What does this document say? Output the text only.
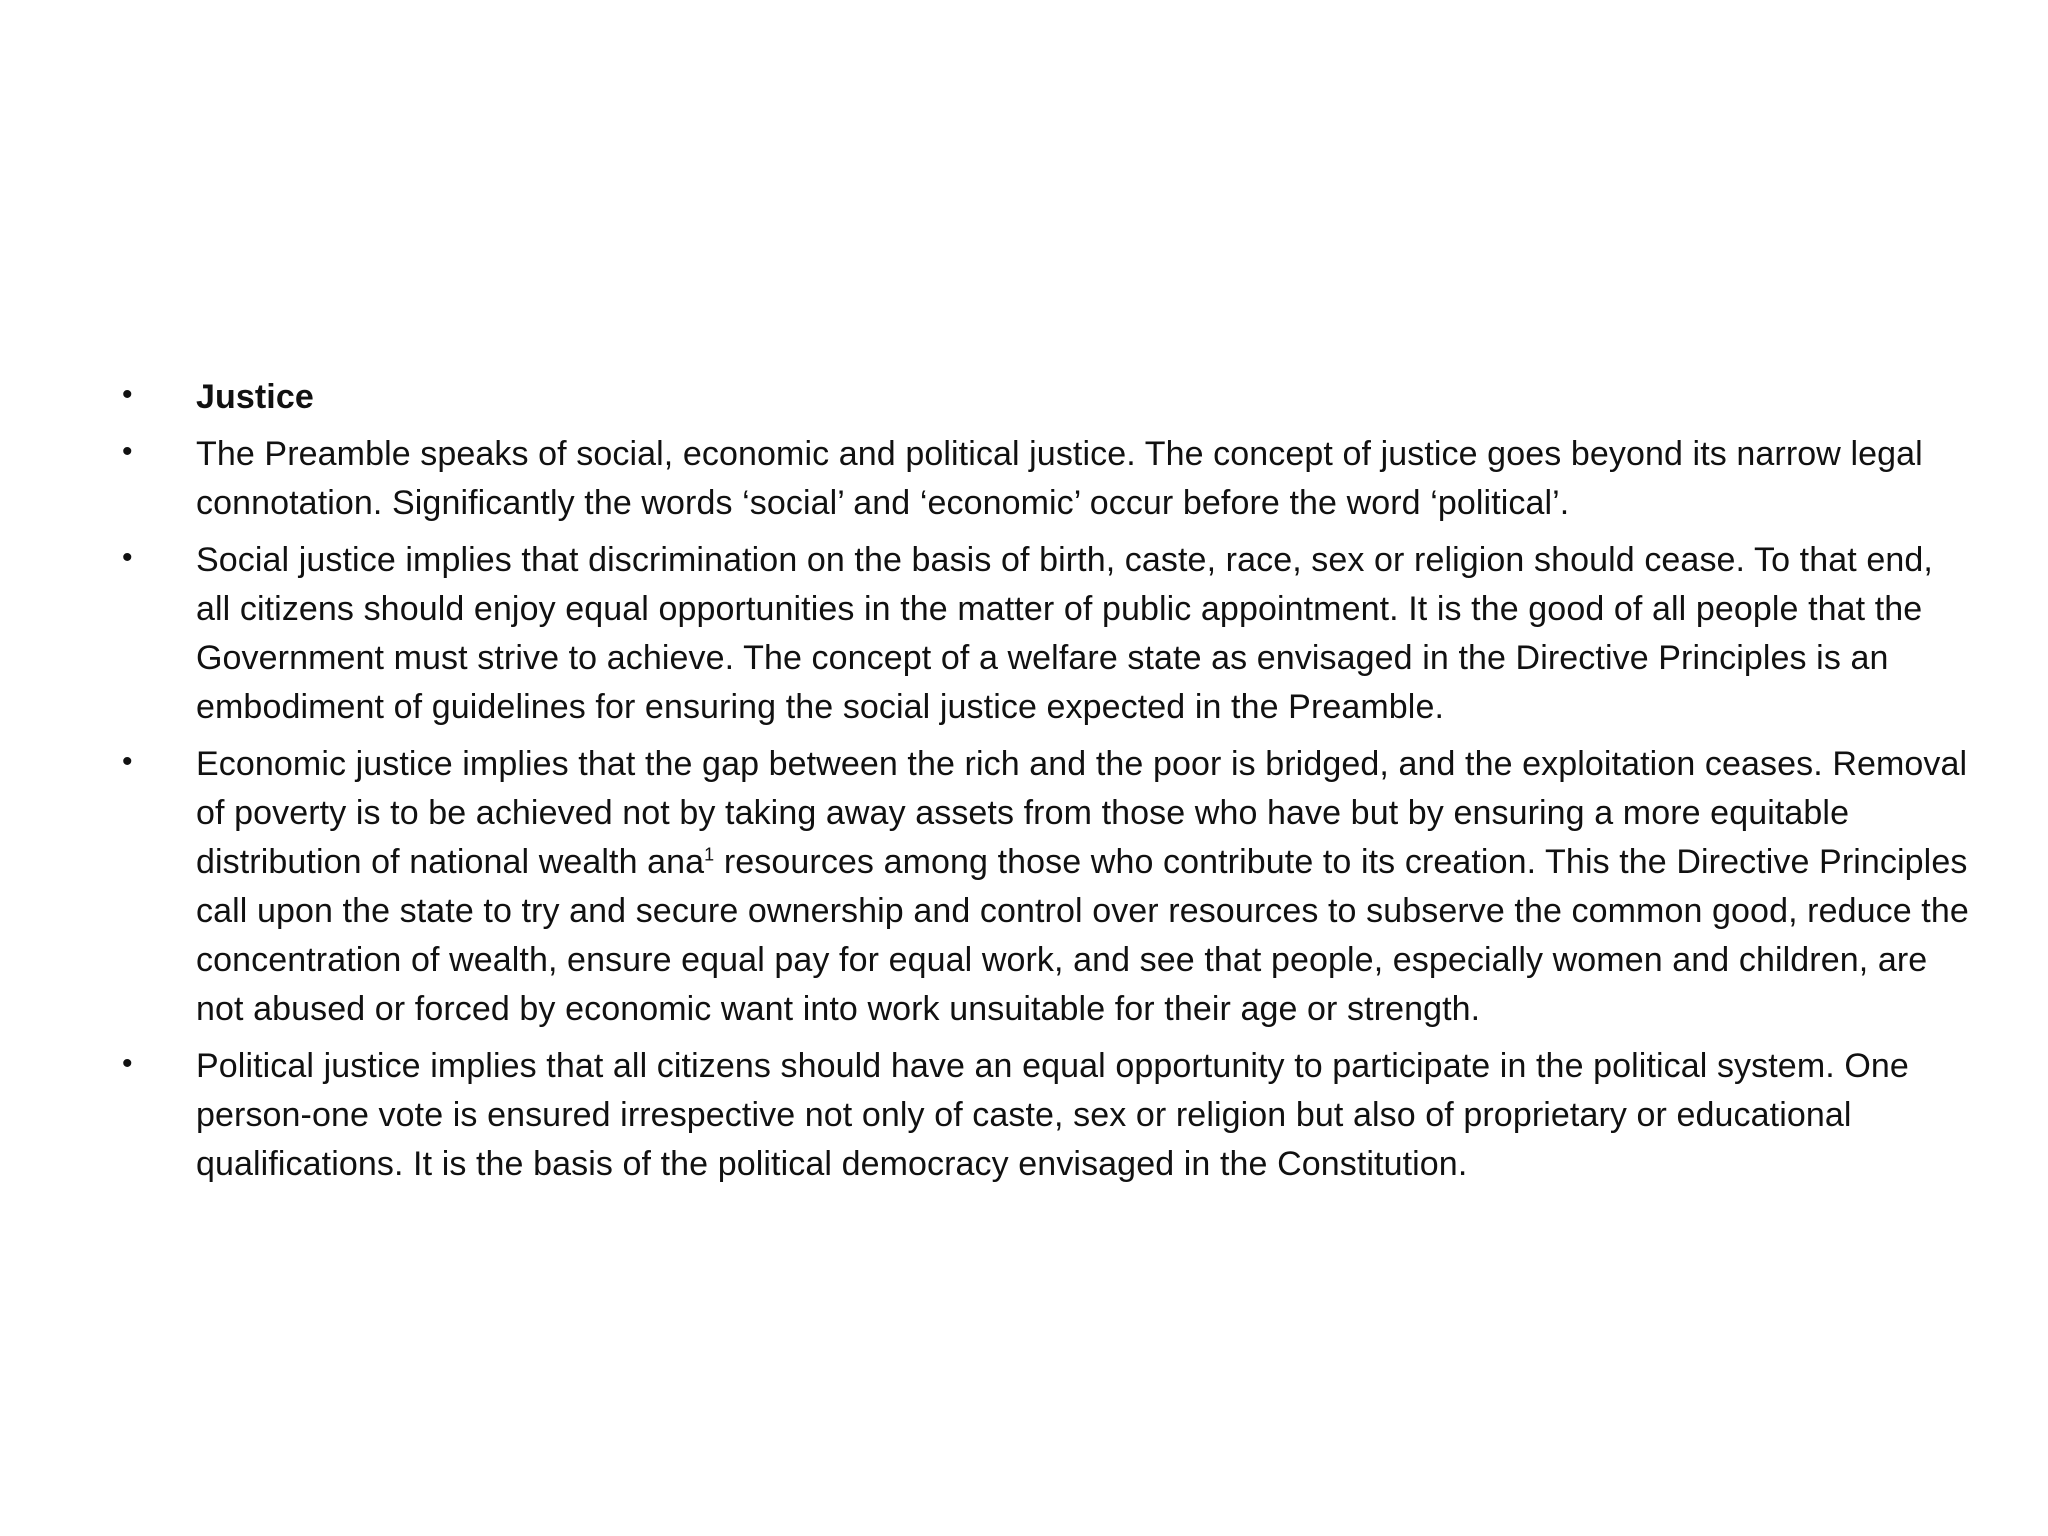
• Justice
• The Preamble speaks of social, economic and political justice. The concept of justice goes beyond its narrow legal connotation. Significantly the words ‘social’ and ‘economic’ occur before the word ‘political’.
• Social justice implies that discrimination on the basis of birth, caste, race, sex or religion should cease. To that end, all citizens should enjoy equal opportunities in the matter of public appointment. It is the good of all people that the Government must strive to achieve. The concept of a welfare state as envisaged in the Directive Principles is an embodiment of guidelines for ensuring the social justice expected in the Preamble.
• Economic justice implies that the gap between the rich and the poor is bridged, and the exploitation ceases. Removal of poverty is to be achieved not by taking away assets from those who have but by ensuring a more equitable distribution of national wealth ana$^1$ resources among those who contribute to its creation. This the Directive Principles call upon the state to try and secure ownership and control over resources to subserve the common good, reduce the concentration of wealth, ensure equal pay for equal work, and see that people, especially women and children, are not abused or forced by economic want into work unsuitable for their age or strength.
• Political justice implies that all citizens should have an equal opportunity to participate in the political system. One person-one vote is ensured irrespective not only of caste, sex or religion but also of proprietary or educational qualifications. It is the basis of the political democracy envisaged in the Constitution.
